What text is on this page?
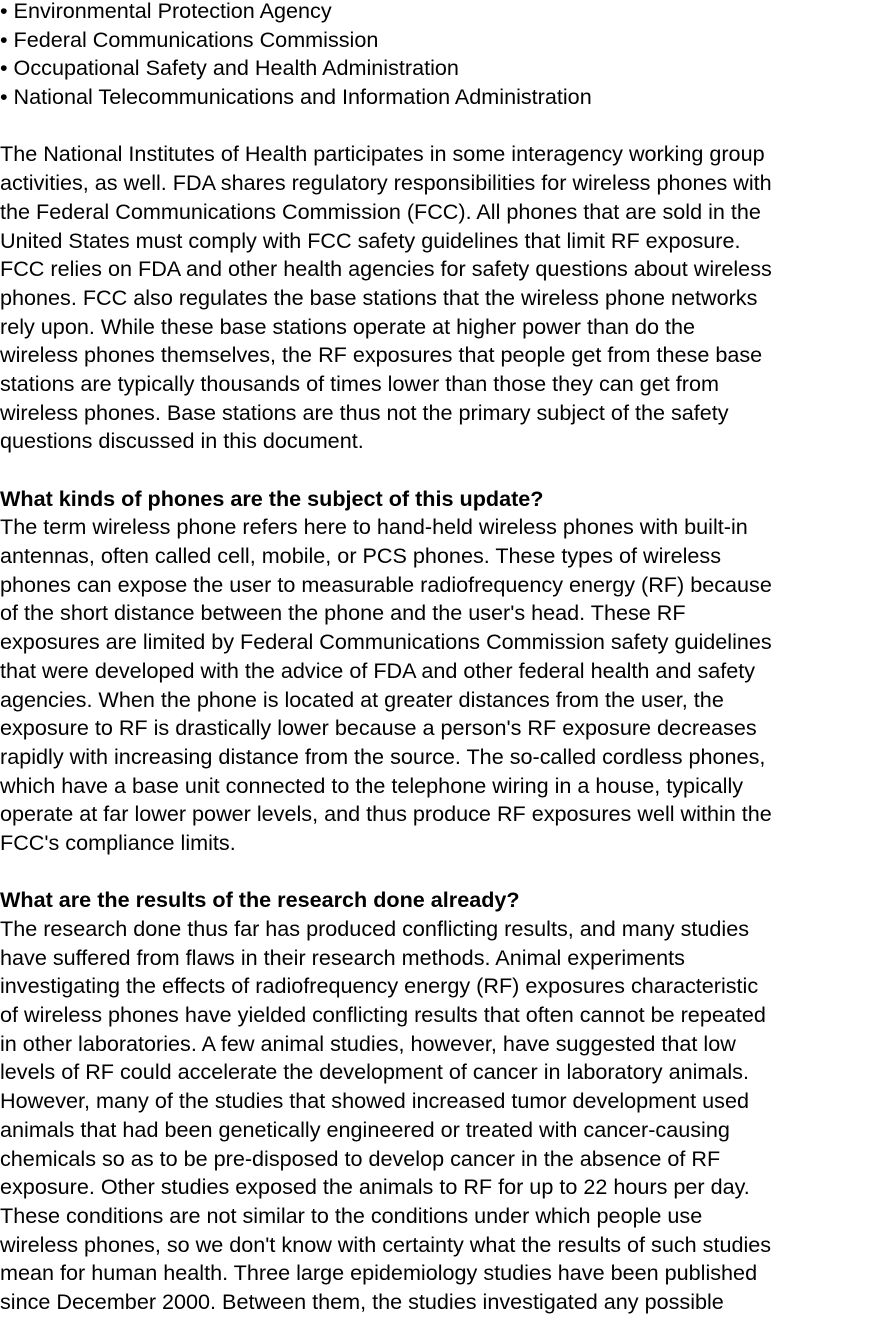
• Environmental Protection Agency
• Federal Communications Commission
• Occupational Safety and Health Administration
• National Telecommunications and Information Administration
The National Institutes of Health participates in some interagency working group
activities, as well. FDA shares regulatory responsibilities for wireless phones with
the Federal Communications Commission (FCC). All phones that are sold in the
United States must comply with FCC safety guidelines that limit RF exposure.
FCC relies on FDA and other health agencies for safety questions about wireless
phones. FCC also regulates the base stations that the wireless phone networks
rely upon. While these base stations operate at higher power than do the
wireless phones themselves, the RF exposures that people get from these base
stations are typically thousands of times lower than those they can get from
wireless phones. Base stations are thus not the primary subject of the safety
questions discussed in this document.
What kinds of phones are the subject of this update?
The term wireless phone refers here to hand-held wireless phones with built-in
antennas, often called cell, mobile, or PCS phones. These types of wireless
phones can expose the user to measurable radiofrequency energy (RF) because
of the short distance between the phone and the user's head. These RF
exposures are limited by Federal Communications Commission safety guidelines
that were developed with the advice of FDA and other federal health and safety
agencies. When the phone is located at greater distances from the user, the
exposure to RF is drastically lower because a person's RF exposure decreases
rapidly with increasing distance from the source. The so-called cordless phones,
which have a base unit connected to the telephone wiring in a house, typically
operate at far lower power levels, and thus produce RF exposures well within the
FCC's compliance limits.
What are the results of the research done already?
The research done thus far has produced conflicting results, and many studies
have suffered from flaws in their research methods. Animal experiments
investigating the effects of radiofrequency energy (RF) exposures characteristic
of wireless phones have yielded conflicting results that often cannot be repeated
in other laboratories. A few animal studies, however, have suggested that low
levels of RF could accelerate the development of cancer in laboratory animals.
However, many of the studies that showed increased tumor development used
animals that had been genetically engineered or treated with cancer-causing
chemicals so as to be pre-disposed to develop cancer in the absence of RF
exposure. Other studies exposed the animals to RF for up to 22 hours per day.
These conditions are not similar to the conditions under which people use
wireless phones, so we don't know with certainty what the results of such studies
mean for human health. Three large epidemiology studies have been published
since December 2000. Between them, the studies investigated any possible
